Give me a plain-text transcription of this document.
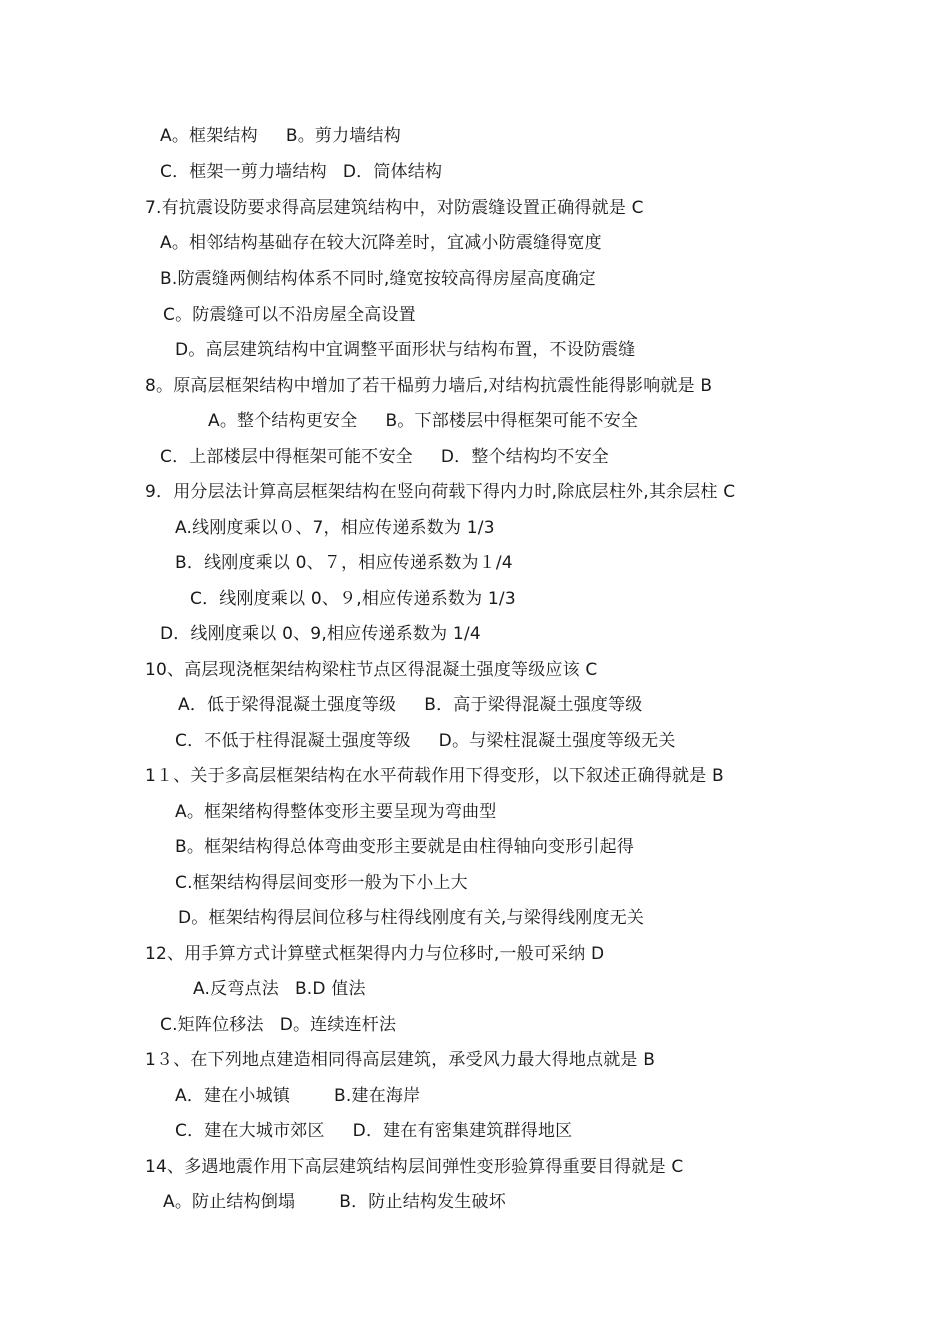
A。框架结构 B。剪力墙结构
C．框架一剪力墙结构 D．筒体结构
7.有抗震设防要求得高层建筑结构中，对防震缝设置正确得就是 C
A。相邻结构基础存在较大沉降差时，宜减小防震缝得宽度
B.防震缝两侧结构体系不同时,缝宽按较高得房屋高度确定
C。防震缝可以不沿房屋全高设置
D。高层建筑结构中宜调整平面形状与结构布置，不设防震缝
8。原高层框架结构中增加了若干榀剪力墙后,对结构抗震性能得影响就是 B
A。整个结构更安全 B。下部楼层中得框架可能不安全
C．上部楼层中得框架可能不安全 D．整个结构均不安全
9．用分层法计算高层框架结构在竖向荷载下得内力时,除底层柱外,其余层柱 C
A.线刚度乘以０、7，相应传递系数为 1/3
B．线刚度乘以 0、７，相应传递系数为１/4
C．线刚度乘以 0、９,相应传递系数为 1/3
D．线刚度乘以 0、9,相应传递系数为 1/4
10、高层现浇框架结构梁柱节点区得混凝土强度等级应该 C
A．低于梁得混凝土强度等级 B．高于梁得混凝土强度等级
C．不低于柱得混凝土强度等级 D。与梁柱混凝土强度等级无关
1１、关于多高层框架结构在水平荷载作用下得变形，以下叙述正确得就是 B
A。框架绪构得整体变形主要呈现为弯曲型
B。框架结构得总体弯曲变形主要就是由柱得轴向变形引起得
C.框架结构得层间变形一般为下小上大
D。框架结构得层间位移与柱得线刚度有关,与梁得线刚度无关
12、用手算方式计算壁式框架得内力与位移时,一般可采纳 D
A.反弯点法 B.D 值法
C.矩阵位移法 D。连续连杆法
1３、在下列地点建造相同得高层建筑，承受风力最大得地点就是 B
A．建在小城镇	B.建在海岸
C．建在大城市郊区 D．建在有密集建筑群得地区
14、多遇地震作用下高层建筑结构层间弹性变形验算得重要目得就是 C
A。防止结构倒塌	B．防止结构发生破坏
